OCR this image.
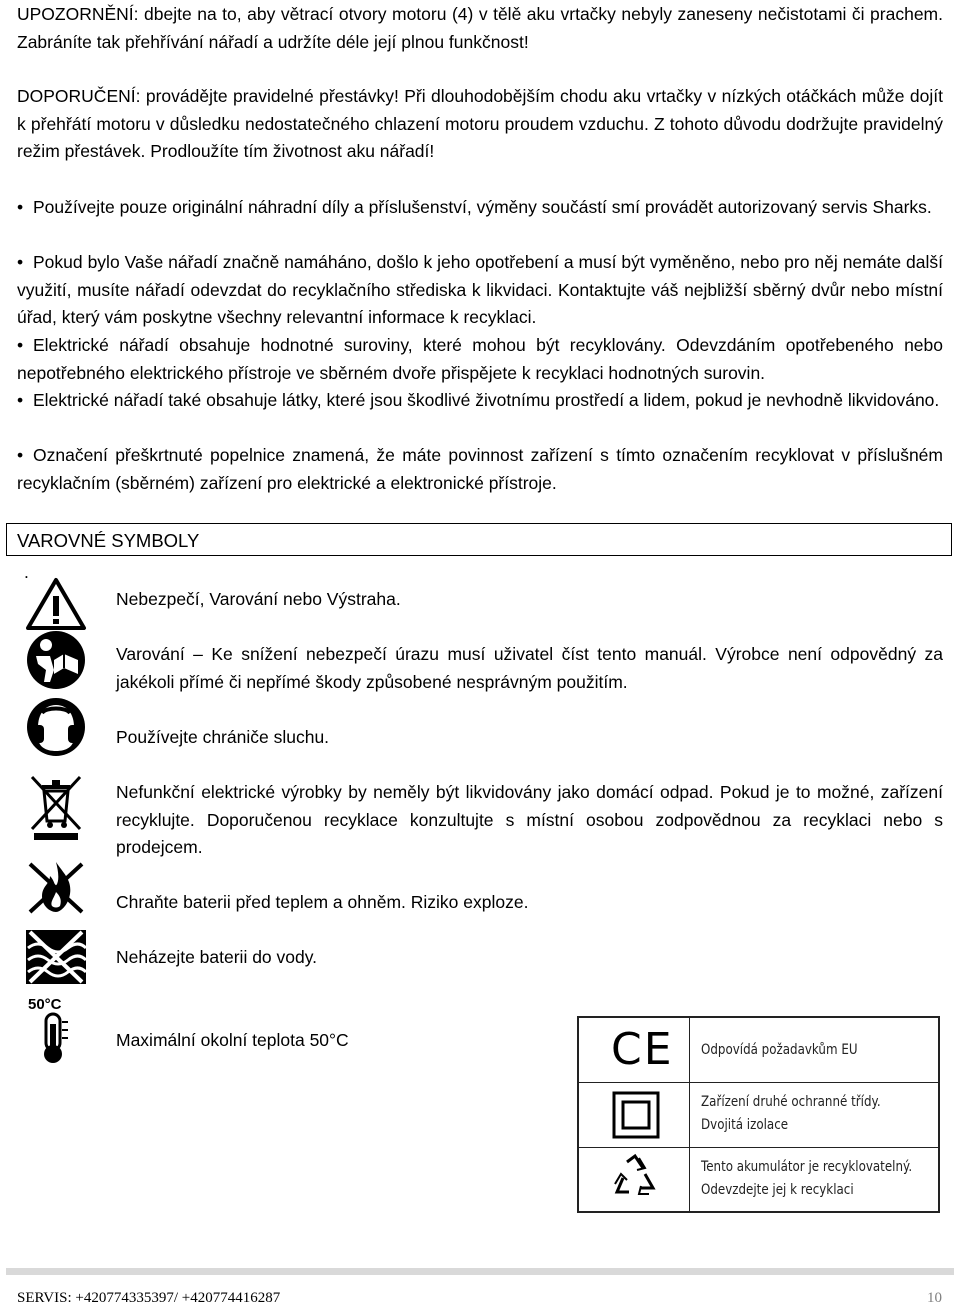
UPOZORNĚNÍ: dbejte na to, aby větrací otvory motoru (4) v tělě aku vrtačky nebyly zaneseny nečistotami či prachem. Zabráníte tak přehřívání nářadí a udržíte déle její plnou funkčnost!

DOPORUČENÍ: provádějte pravidelné přestávky! Při dlouhodobějším chodu aku vrtačky v nízkých otáčkách může dojít k přehřátí motoru v důsledku nedostatečného chlazení motoru proudem vzduchu. Z tohoto důvodu dodržujte pravidelný režim přestávek. Prodloužíte tím životnost aku nářadí!

• Používejte pouze originální náhradní díly a příslušenství, výměny součástí smí provádět autorizovaný servis Sharks.

• Pokud bylo Vaše nářadí značně namáháno, došlo k jeho opotřebení a musí být vyměněno, nebo pro něj nemáte další využití, musíte nářadí odevzdat do recyklačního střediska k likvidaci. Kontaktujte váš nejbližší sběrný dvůr nebo místní úřad, který vám poskytne všechny relevantní informace k recyklaci.

• Elektrické nářadí obsahuje hodnotné suroviny, které mohou být recyklovány. Odevzdáním opotřebeného nebo nepotřebného elektrického přístroje ve sběrném dvoře přispějete k recyklaci hodnotných surovin.

• Elektrické nářadí také obsahuje látky, které jsou škodlivé životnímu prostředí a lidem, pokud je nevhodně likvidováno.

• Označení přeškrtnuté popelnice znamená, že máte povinnost zařízení s tímto označením recyklovat v příslušném recyklačním (sběrném) zařízení pro elektrické a elektronické přístroje.

VAROVNÉ SYMBOLY
.
50°C

Nebezpečí, Varování nebo Výstraha.

Varování – Ke snížení nebezpečí úrazu musí uživatel číst tento manuál. Výrobce není odpovědný za jakékoli přímé či nepřímé škody způsobené nesprávným použitím.

Používejte chrániče sluchu.

Nefunkční elektrické výrobky by neměly být likvidovány jako domácí odpad. Pokud je to možné, zařízení recyklujte. Doporučenou recyklace konzultujte s místní osobou zodpovědnou za recyklaci nebo s prodejcem.

Chraňte baterii před teplem a ohněm. Riziko exploze.

Neházejte baterii do vody.

Maximální okolní teplota 50°C	CE Odpovídá požadavkům EU
Zařízení druhé ochranné třídy.
Dvojitá izolace
Tento akumulátor je recyklovatelný.
Odevzdejte jej k recyklaci
SERVIS: +420774335397/ +420774416287	10
